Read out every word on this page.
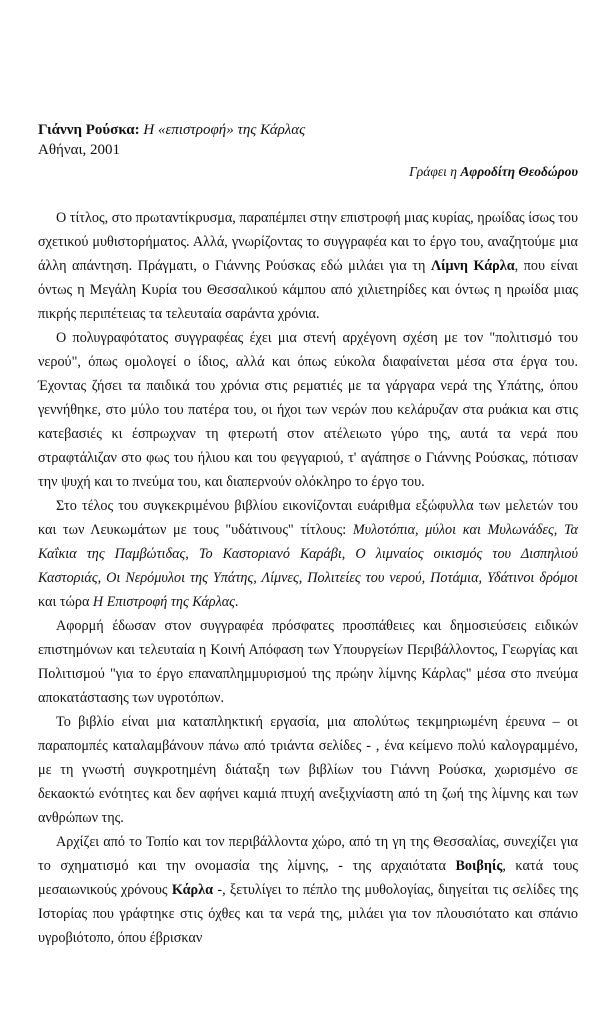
Γιάννη Ρούσκα: Η «επιστροφή» της Κάρλας

Αθήναι, 2001

Γράφει η Αφροδίτη Θεοδώρου

Ο τίτλος, στο πρωταντίκρυσμα, παραπέμπει στην επιστροφή μιας κυρίας, ηρωίδας ίσως του σχετικού μυθιστορήματος. Αλλά, γνωρίζοντας το συγγραφέα και το έργο του, αναζητούμε μια άλλη απάντηση. Πράγματι, ο Γιάννης Ρούσκας εδώ μιλάει για τη Λίμνη Κάρλα, που είναι όντως η Μεγάλη Κυρία του Θεσσαλικού κάμπου από χιλιετηρίδες και όντως η ηρωίδα μιας πικρής περιπέτειας τα τελευταία σαράντα χρόνια.

Ο πολυγραφότατος συγγραφέας έχει μια στενή αρχέγονη σχέση με τον "πολιτισμό του νερού", όπως ομολογεί ο ίδιος, αλλά και όπως εύκολα διαφαίνεται μέσα στα έργα του. Έχοντας ζήσει τα παιδικά του χρόνια στις ρεματιές με τα γάργαρα νερά της Υπάτης, όπου γεννήθηκε, στο μύλο του πατέρα του, οι ήχοι των νερών που κελάρυζαν στα ρυάκια και στις κατεβασιές κι έσπρωχναν τη φτερωτή στον ατέλειωτο γύρο της, αυτά τα νερά που στραφτάλιζαν στο φως του ήλιου και του φεγγαριού, τ' αγάπησε ο Γιάννης Ρούσκας, πότισαν την ψυχή και το πνεύμα του, και διαπερνούν ολόκληρο το έργο του.

Στο τέλος του συγκεκριμένου βιβλίου εικονίζονται ευάριθμα εξώφυλλα των μελετών του και των Λευκωμάτων με τους "υδάτινους" τίτλους: Μυλοτόπια, μύλοι και Μυλωνάδες, Τα Καΐκια της Παμβώτιδας, Το Καστοριανό Καράβι, Ο λιμναίος οικισμός του Δισπηλιού Καστοριάς, Οι Νερόμυλοι της Υπάτης, Λίμνες, Πολιτείες του νερού, Ποτάμια, Υδάτινοι δρόμοι και τώρα Η Επιστροφή της Κάρλας.

Αφορμή έδωσαν στον συγγραφέα πρόσφατες προσπάθειες και δημοσιεύσεις ειδικών επιστημόνων και τελευταία η Κοινή Απόφαση των Υπουργείων Περιβάλλοντος, Γεωργίας και Πολιτισμού "για το έργο επαναπλημμυρισμού της πρώην λίμνης Κάρλας" μέσα στο πνεύμα αποκατάστασης των υγροτόπων.

Το βιβλίο είναι μια καταπληκτική εργασία, μια απολύτως τεκμηριωμένη έρευνα – οι παραπομπές καταλαμβάνουν πάνω από τριάντα σελίδες - , ένα κείμενο πολύ καλογραμμένο, με τη γνωστή συγκροτημένη διάταξη των βιβλίων του Γιάννη Ρούσκα, χωρισμένο σε δεκαοκτώ ενότητες και δεν αφήνει καμιά πτυχή ανεξιχνίαστη από τη ζωή της λίμνης και των ανθρώπων της.

Αρχίζει από το Τοπίο και τον περιβάλλοντα χώρο, από τη γη της Θεσσαλίας, συνεχίζει για το σχηματισμό και την ονομασία της λίμνης, - της αρχαιότατα Βοιβηίς, κατά τους μεσαιωνικούς χρόνους Κάρλα -, ξετυλίγει το πέπλο της μυθολογίας, διηγείται τις σελίδες της Ιστορίας που γράφτηκε στις όχθες και τα νερά της, μιλάει για τον πλουσιότατο και σπάνιο υγροβιότοπο, όπου έβρισκαν
